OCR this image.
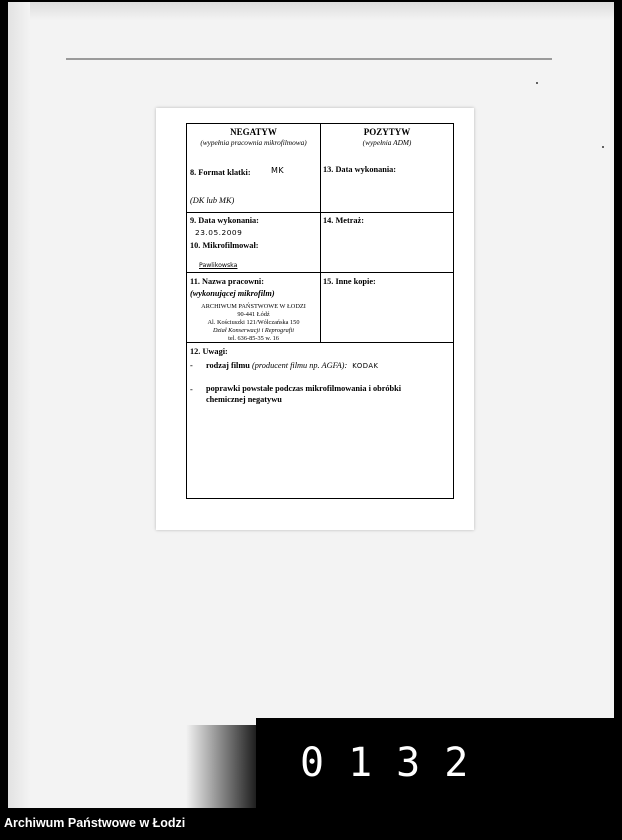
NEGATYW
(wypełnia pracownia mikrofilmowa)
POZYTYW
(wypełnia ADM)
8. Format klatki:	MK
(DK lub MK)
13. Data wykonania:
9. Data wykonania:
23.05.2009
10. Mikrofilmował:
Pawlikowska
14. Metraż:
11. Nazwa pracowni:
(wykonującej mikrofilm)
ARCHIWUM PAŃSTWOWE W ŁODZI
90-441 Łódź
Al. Kościuszki 121/Wólczańska 150
Dział Konserwacji i Reprografii
tel. 636-85-35 w. 16
15. Inne kopie:
12. Uwagi:
- rodzaj filmu (producent filmu np. AGFA): KODAK
- poprawki powstałe podczas mikrofilmowania i obróbki
chemicznej negatywu
0132
Archiwum Państwowe w Łodzi
